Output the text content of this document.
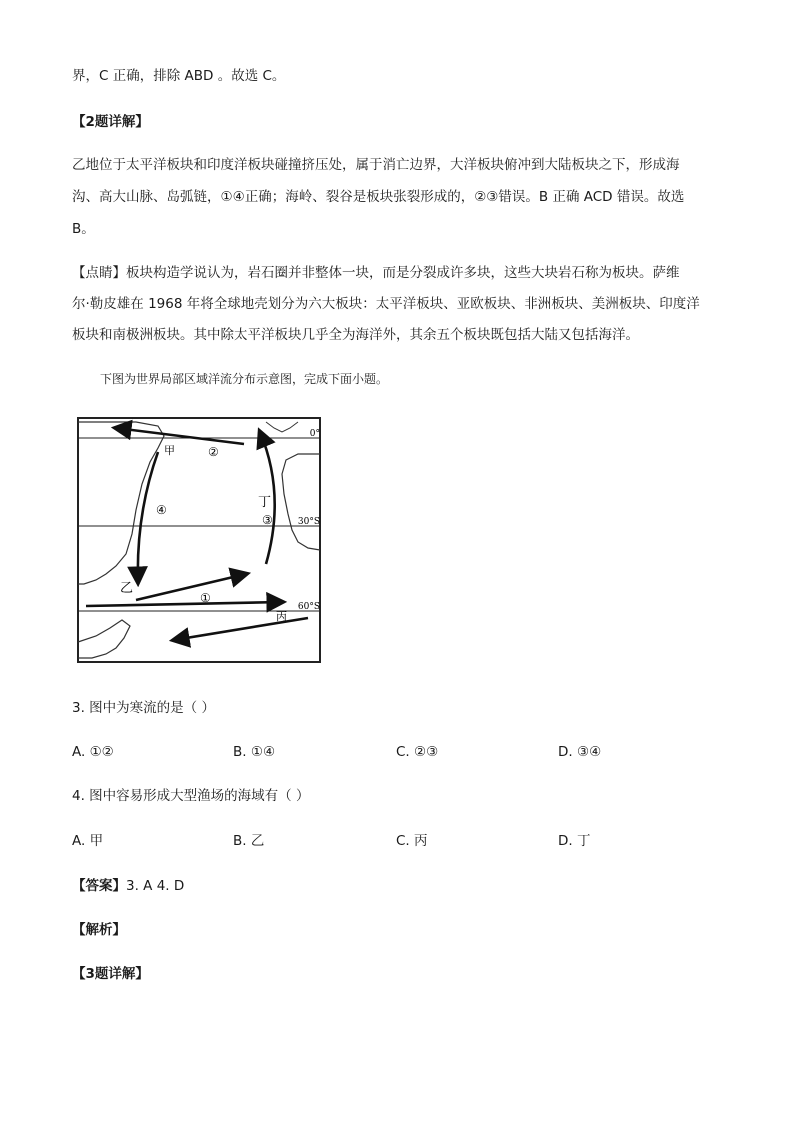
界，C 正确，排除 ABD 。故选 C。
【2题详解】
乙地位于太平洋板块和印度洋板块碰撞挤压处，属于消亡边界，大洋板块俯冲到大陆板块之下，形成海
沟、高大山脉、岛弧链，①④正确；海岭、裂谷是板块张裂形成的，②③错误。B 正确 ACD 错误。故选
B。
【点睛】板块构造学说认为，岩石圈并非整体一块，而是分裂成许多块，这些大块岩石称为板块。萨维
尔·勒皮雄在 1968 年将全球地壳划分为六大板块：太平洋板块、亚欧板块、非洲板块、美洲板块、印度洋
板块和南极洲板块。其中除太平洋板块几乎全为海洋外，其余五个板块既包括大陆又包括海洋。
下图为世界局部区域洋流分布示意图，完成下面小题。
0°
30°S
60°S
甲
乙
丙
丁
①
②
③
④
3. 图中为寒流的是（ ）
A. ①②	B. ①④	C. ②③	D. ③④
4. 图中容易形成大型渔场的海域有（ ）
A. 甲	B. 乙	C. 丙	D. 丁
【答案】3. A 4. D
【解析】
【3题详解】
